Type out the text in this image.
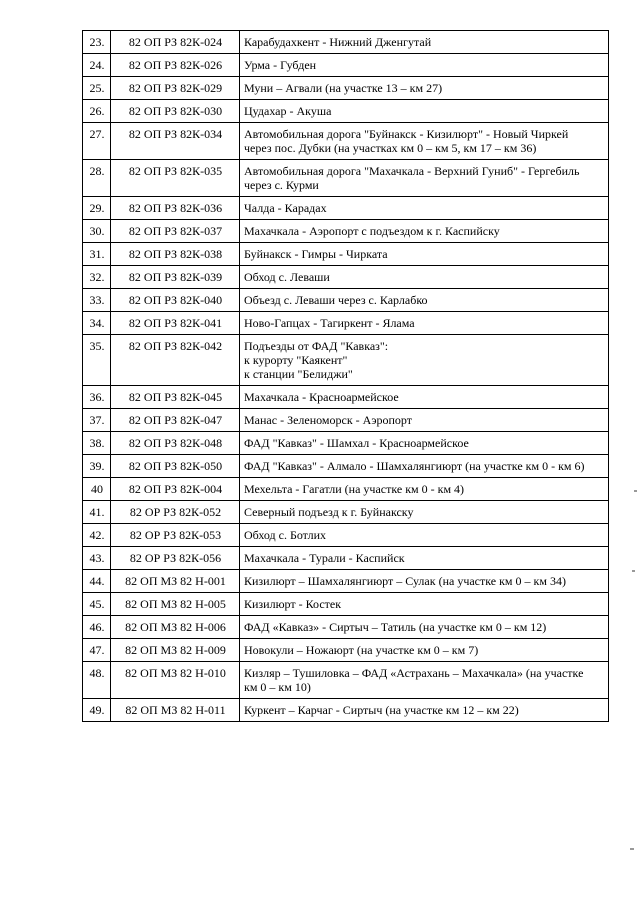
23.	82 ОП РЗ 82К-024	Карабудахкент - Нижний Дженгутай

24.	82 ОП РЗ 82К-026	Урма - Губден

25.	82 ОП РЗ 82К-029	Муни – Агвали (на участке 13 – км 27)

26.	82 ОП РЗ 82К-030	Цудахар - Акуша

27.	82 ОП РЗ 82К-034	Автомобильная дорога "Буйнакск - Кизилюрт" - Новый Чиркей
через пос. Дубки (на участках км 0 – км 5, км 17 – км 36)

28.	82 ОП РЗ 82К-035	Автомобильная дорога "Махачкала - Верхний Гуниб" - Гергебиль
через с. Курми

29.	82 ОП РЗ 82К-036	Чалда - Карадах

30.	82 ОП РЗ 82К-037	Махачкала - Аэропорт с подъездом к г. Каспийску

31.	82 ОП РЗ 82К-038	Буйнакск - Гимры - Чирката

32.	82 ОП РЗ 82К-039	Обход с. Леваши

33.	82 ОП РЗ 82К-040	Объезд с. Леваши через с. Карлабко

34.	82 ОП РЗ 82К-041	Ново-Гапцах - Тагиркент - Ялама

35.	82 ОП РЗ 82К-042	Подъезды от ФАД "Кавказ":
к курорту "Каякент"
к станции "Белиджи"

36.	82 ОП РЗ 82К-045	Махачкала - Красноармейское

37.	82 ОП РЗ 82К-047	Манас - Зеленоморск - Аэропорт

38.	82 ОП РЗ 82К-048	ФАД "Кавказ" - Шамхал - Красноармейское

39.	82 ОП РЗ 82К-050	ФАД "Кавказ" - Алмало - Шамхалянгиюрт (на участке км 0 - км 6)

40	82 ОП РЗ 82К-004	Мехельта - Гагатли (на участке км 0 - км 4)

41.	82 ОР РЗ 82К-052	Северный подъезд к г. Буйнакску

42.	82 ОР РЗ 82К-053	Обход с. Ботлих

43.	82 ОР РЗ 82К-056	Махачкала - Турали - Каспийск

44.	82 ОП МЗ 82 Н-001	Кизилюрт – Шамхалянгиюрт – Сулак (на участке км 0 – км 34)

45.	82 ОП МЗ 82 Н-005	Кизилюрт - Костек

46.	82 ОП МЗ 82 Н-006	ФАД «Кавказ» - Сиртыч – Татиль (на участке км 0 – км 12)

47.	82 ОП МЗ 82 Н-009	Новокули – Ножаюрт (на участке км 0 – км 7)

48.	82 ОП МЗ 82 Н-010	Кизляр – Тушиловка – ФАД «Астрахань – Махачкала» (на участке
км 0 – км 10)

49.	82 ОП МЗ 82 Н-011	Куркент – Карчаг - Сиртыч (на участке км 12 – км 22)
